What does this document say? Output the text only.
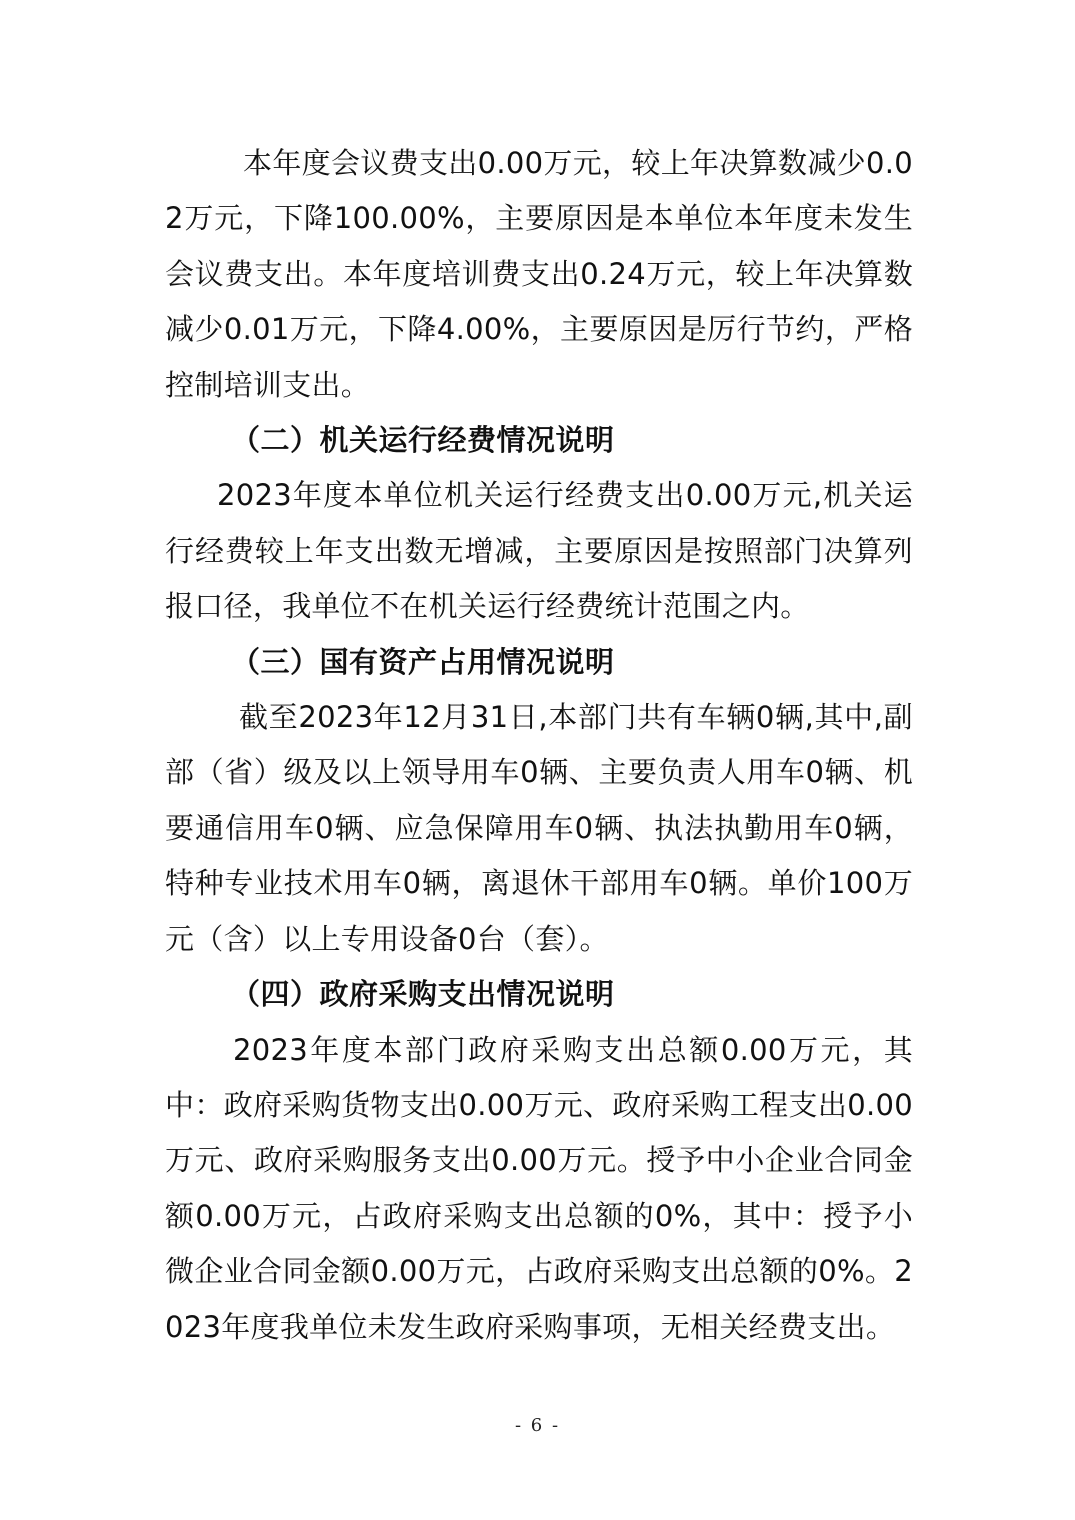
本年度会议费支出0.00万元，较上年决算数减少0.02万元，下降100.00%，主要原因是本单位本年度未发生会议费支出。本年度培训费支出0.24万元，较上年决算数减少0.01万元，下降4.00%，主要原因是厉行节约，严格控制培训支出。

（二）机关运行经费情况说明

2023年度本单位机关运行经费支出0.00万元,机关运行经费较上年支出数无增减，主要原因是按照部门决算列报口径，我单位不在机关运行经费统计范围之内。

（三）国有资产占用情况说明

截至2023年12月31日,本部门共有车辆0辆,其中,副部（省）级及以上领导用车0辆、主要负责人用车0辆、机要通信用车0辆、应急保障用车0辆、执法执勤用车0辆，特种专业技术用车0辆，离退休干部用车0辆。单价100万元（含）以上专用设备0台（套）。

（四）政府采购支出情况说明

2023年度本部门政府采购支出总额0.00万元，其中：政府采购货物支出0.00万元、政府采购工程支出0.00万元、政府采购服务支出0.00万元。授予中小企业合同金额0.00万元，占政府采购支出总额的0%，其中：授予小微企业合同金额0.00万元，占政府采购支出总额的0%。2023年度我单位未发生政府采购事项，无相关经费支出。

- 6 -
